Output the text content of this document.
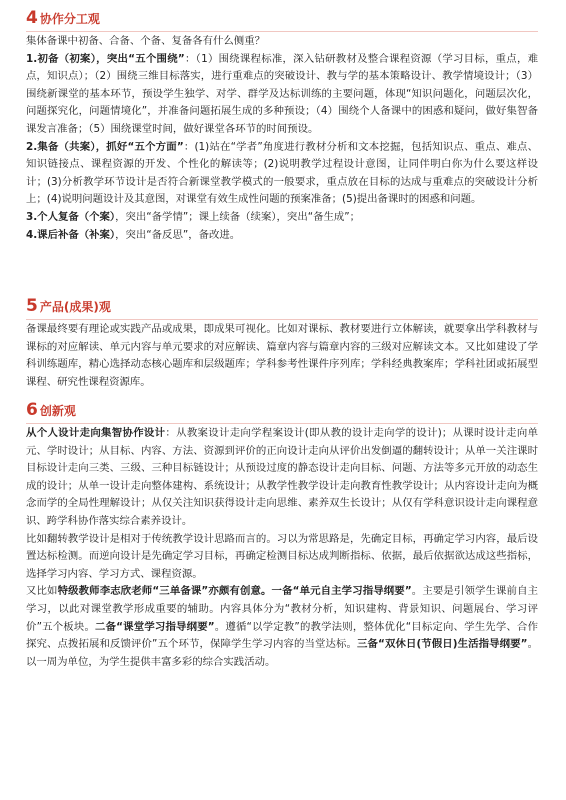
4 协作分工观
集体备课中初备、合备、个备、复备各有什么侧重？
1.初备（初案），突出“五个围绕”：（1）围绕课程标准，深入钻研教材及整合课程资源（学习目标，重点，难点，知识点）；（2）围绕三维目标落实，进行重难点的突破设计、教与学的基本策略设计、教学情境设计；（3）围绕新课堂的基本环节，预设学生独学、对学、群学及达标训练的主要问题，体现“知识问题化，问题层次化，问题探究化，问题情境化”，并准备问题拓展生成的多种预设；（4）围绕个人备课中的困惑和疑问，做好集智备课发言准备；（5）围绕课堂时间，做好课堂各环节的时间预设。
2.集备（共案），抓好“五个方面”：(1)站在“学者”角度进行教材分析和文本挖掘，包括知识点、重点、难点、知识链接点、课程资源的开发、个性化的解读等；(2)说明教学过程设计意图，让同伴明白你为什么要这样设计；(3)分析教学环节设计是否符合新课堂教学模式的一般要求，重点放在目标的达成与重难点的突破设计分析上；(4)说明问题设计及其意图，对课堂有效生成性问题的预案准备；(5)提出备课时的困惑和问题。
3.个人复备（个案），突出“备学情”；课上续备（续案），突出“备生成”；
4.课后补备（补案），突出“备反思”，备改进。
5 产品(成果)观
备课最终要有理论或实践产品或成果，即成果可视化。比如对课标、教材要进行立体解读，就要拿出学科教材与课标的对应解读、单元内容与单元要求的对应解读、篇章内容与篇章内容的三级对应解读文本。又比如建设了学科训练题库，精心选择动态核心题库和层级题库；学科参考性课件序列库；学科经典教案库；学科社团或拓展型课程、研究性课程资源库。
6 创新观
从个人设计走向集智协作设计：从教案设计走向学程案设计(即从教的设计走向学的设计)；从课时设计走向单元、学时设计；从目标、内容、方法、资源到评价的正向设计走向从评价出发倒逼的翻转设计；从单一关注课时目标设计走向三类、三级、三种目标链设计；从预设过度的静态设计走向目标、问题、方法等多元开放的动态生成的设计；从单一设计走向整体建构、系统设计；从教学性教学设计走向教育性教学设计；从内容设计走向为概念而学的全局性理解设计；从仅关注知识获得设计走向思维、素养双生长设计；从仅有学科意识设计走向课程意识、跨学科协作落实综合素养设计。
比如翻转教学设计是相对于传统教学设计思路而言的。习以为常思路是，先确定目标，再确定学习内容，最后设置达标检测。而逆向设计是先确定学习目标，再确定检测目标达成判断指标、依据，最后依据欲达成这些指标，选择学习内容、学习方式、课程资源。
又比如特级教师李志欣老师“三单备课”亦颇有创意。一备“单元自主学习指导纲要”。主要是引领学生课前自主学习，以此对课堂教学形成重要的辅助。内容具体分为“教材分析，知识建构、背景知识、问题展台、学习评价”五个板块。二备“课堂学习指导纲要”。遵循“以学定教”的教学法则，整体优化“目标定向、学生先学、合作探究、点拨拓展和反馈评价”五个环节，保障学生学习内容的当堂达标。三备“双休日(节假日)生活指导纲要”。以一周为单位，为学生提供丰富多彩的综合实践活动。
